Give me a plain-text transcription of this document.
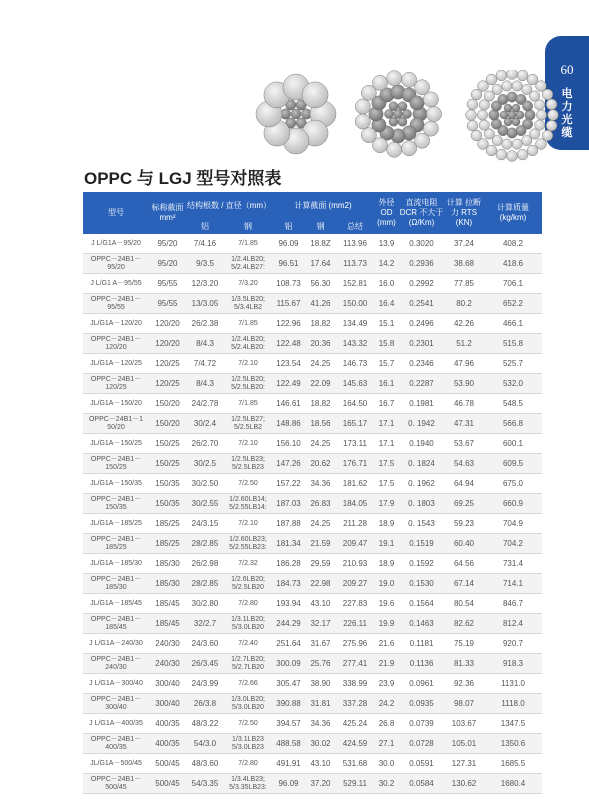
60
电力光缆
OPPC 与 LGJ 型号对照表
型号	标称截面 mm²	结构根数 / 直径（mm）		计算截面 (mm2)			外径 OD (mm)	直流电阻 DCR 不大于 (Ω/Km)	计算 拉断力 RTS (KN)	计算质量 (kg/km)
		铝	钢	铝	钢	总结				
J L/G1A－95/20	95/20	7/4.16	7/1.85	96.09	18.8Z	113.96	13.9	0.3020	37.24	408.2
OPPC－24B1－95/20	95/20	9/3.5	1/2.4LB20; 5/2.4LB27:	96.51	17.64	113.73	14.2	0.2936	38.68	418.6
J L/G1 A－95/55	95/55	12/3.20	7/3.20	108.73	56.30	152.81	16.0	0.2992	77.85	706.1
OPPC－24B1－95/55	95/55	13/3.05	1/3.5LB20; 5/3.4LB2	115.67	41.26	150.00	16.4	0.2541	80.2	652.2
JL/G1A－120/20	120/20	26/2.38	7/1.85	122.96	18.82	134.49	15.1	0.2496	42.26	466.1
OPPC－24B1－120/20	120/20	8/4.3	1/2.4LB20; 5/2.4LB20:	122.48	20.36	143.32	15.8	0.2301	51.2	515.8
JL/G1A－120/25	120/25	7/4.72	7/2.10	123.54	24.25	146.73	15.7	0.2346	47.96	525.7
OPPC－24B1－120/25	120/25	8/4.3	1/2.5LB20; 5/2.5LB20:	122.49	22.09	145.63	16.1	0.2287	53.90	532.0
JL/G1A－150/20	150/20	24/2.78	7/1.85	146.61	18.82	164.50	16.7	0.1981	46.78	548.5
OPPC－24B1－1 50/20	150/20	30/2.4	1/2.5LB27; 5/2.5LB2	148.86	18.56	165.17	17.1	0. 1942	47.31	566.8
JL/G1A－150/25	150/25	26/2.70	7/2.10	156.10	24.25	173.11	17.1	0.1940	53.67	600.1
OPPC－24B1－150/25	150/25	30/2.5	1/2.5LB23; 5/2.5LB23	147.26	20.62	176.71	17.5	0. 1824	54.63	609.5
JL/G1A－150/35	150/35	30/2.50	7/2.50	157.22	34.36	181.62	17.5	0. 1962	64.94	675.0
OPPC－24B1－150/35	150/35	30/2.55	1/2.60LB14; 5/2.55LB14:	187.03	26.83	184.05	17.9	0. 1803	69.25	660.9
JL/G1A－185/25	185/25	24/3.15	7/2.10	187.88	24.25	211.28	18.9	0. 1543	59.23	704.9
OPPC－24B1－185/25	185/25	28/2.85	1/2.60LB23; 5/2.55LB23:	181.34	21.59	209.47	19.1	0.1519	60.40	704.2
JL/G1A－185/30	185/30	26/2.98	7/2.32	186.28	29.59	210.93	18.9	0.1592	64.56	731.4
OPPC－24B1－185/30	185/30	28/2.85	1/2.6LB20; 5/2.5LB20	184.73	22.98	209.27	19.0	0.1530	67.14	714.1
JL/G1A－185/45	185/45	30/2.80	7/2.80	193.94	43.10	227.83	19.6	0.1564	80.54	846.7
OPPC－24B1－185/45	185/45	32/2.7	1/3.1LB20; 5/3.0LB20	244.29	32.17	226.11	19.9	0.1463	82.62	812.4
J L/G1A－240/30	240/30	24/3.60	7/2.40	251.64	31.67	275.96	21.6	0.1181	75.19	920.7
OPPC－24B1－240/30	240/30	26/3.45	1/2.7LB20; 5/2.7LB20	300.09	25.76	277.41	21.9	0.1136	81.33	918.3
J L/G1A－300/40	300/40	24/3.99	7/2.66	305.47	38.90	338.99	23.9	0.0961	92.36	1131.0
OPPC－24B1－300/40	300/40	26/3.8	1/3.0LB20; 5/3.0LB20	390.88	31.81	337.28	24.2	0.0935	98.07	1118.0
J L/G1A－400/35	400/35	48/3.22	7/2.50	394.57	34.36	425.24	26.8	0.0739	103.67	1347.5
OPPC－24B1－400/35	400/35	54/3.0	1/3.1LB23 5/3.0LB23	488.58	30.02	424.59	27.1	0.0728	105.01	1350.6
JL/G1A－500/45	500/45	48/3.60	7/2.80	491.91	43.10	531.68	30.0	0.0591	127.31	1685.5
OPPC－24B1－500/45	500/45	54/3.35	1/3.4LB23; 5/3.35LB23:	96.09	37.20	529.11	30.2	0.0584	130.62	1680.4
